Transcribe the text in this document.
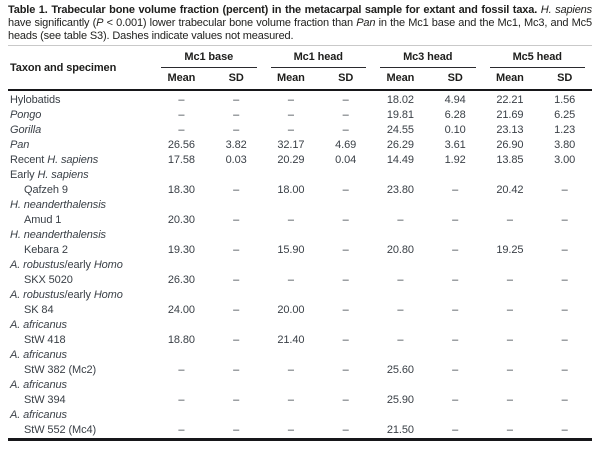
Table 1. Trabecular bone volume fraction (percent) in the metacarpal sample for extant and fossil taxa. H. sapiens have significantly (P < 0.001) lower trabecular bone volume fraction than Pan in the Mc1 base and the Mc1, Mc3, and Mc5 heads (see table S3). Dashes indicate values not measured.

Taxon and specimen	Mc1 base		Mc1 head		Mc3 head		Mc5 head	

	Mean	SD	Mean	SD	Mean	SD	Mean	SD
Hylobatids	–	–	–	–	18.02	4.94	22.21	1.56
Pongo	–	–	–	–	19.81	6.28	21.69	6.25
Gorilla	–	–	–	–	24.55	0.10	23.13	1.23
Pan	26.56	3.82	32.17	4.69	26.29	3.61	26.90	3.80
Recent H. sapiens	17.58	0.03	20.29	0.04	14.49	1.92	13.85	3.00
Early H. sapiens								
Qafzeh 9	18.30	–	18.00	–	23.80	–	20.42	–
H. neanderthalensis								
Amud 1	20.30	–	–	–	–	–	–	–
H. neanderthalensis								
Kebara 2	19.30	–	15.90	–	20.80	–	19.25	–
A. robustus/early Homo								
SKX 5020	26.30	–	–	–	–	–	–	–
A. robustus/early Homo								
SK 84	24.00	–	20.00	–	–	–	–	–
A. africanus								
StW 418	18.80	–	21.40	–	–	–	–	–
A. africanus								
StW 382 (Mc2)	–	–	–	–	25.60	–	–	–
A. africanus								
StW 394	–	–	–	–	25.90	–	–	–
A. africanus								
StW 552 (Mc4)	–	–	–	–	21.50	–	–	–
